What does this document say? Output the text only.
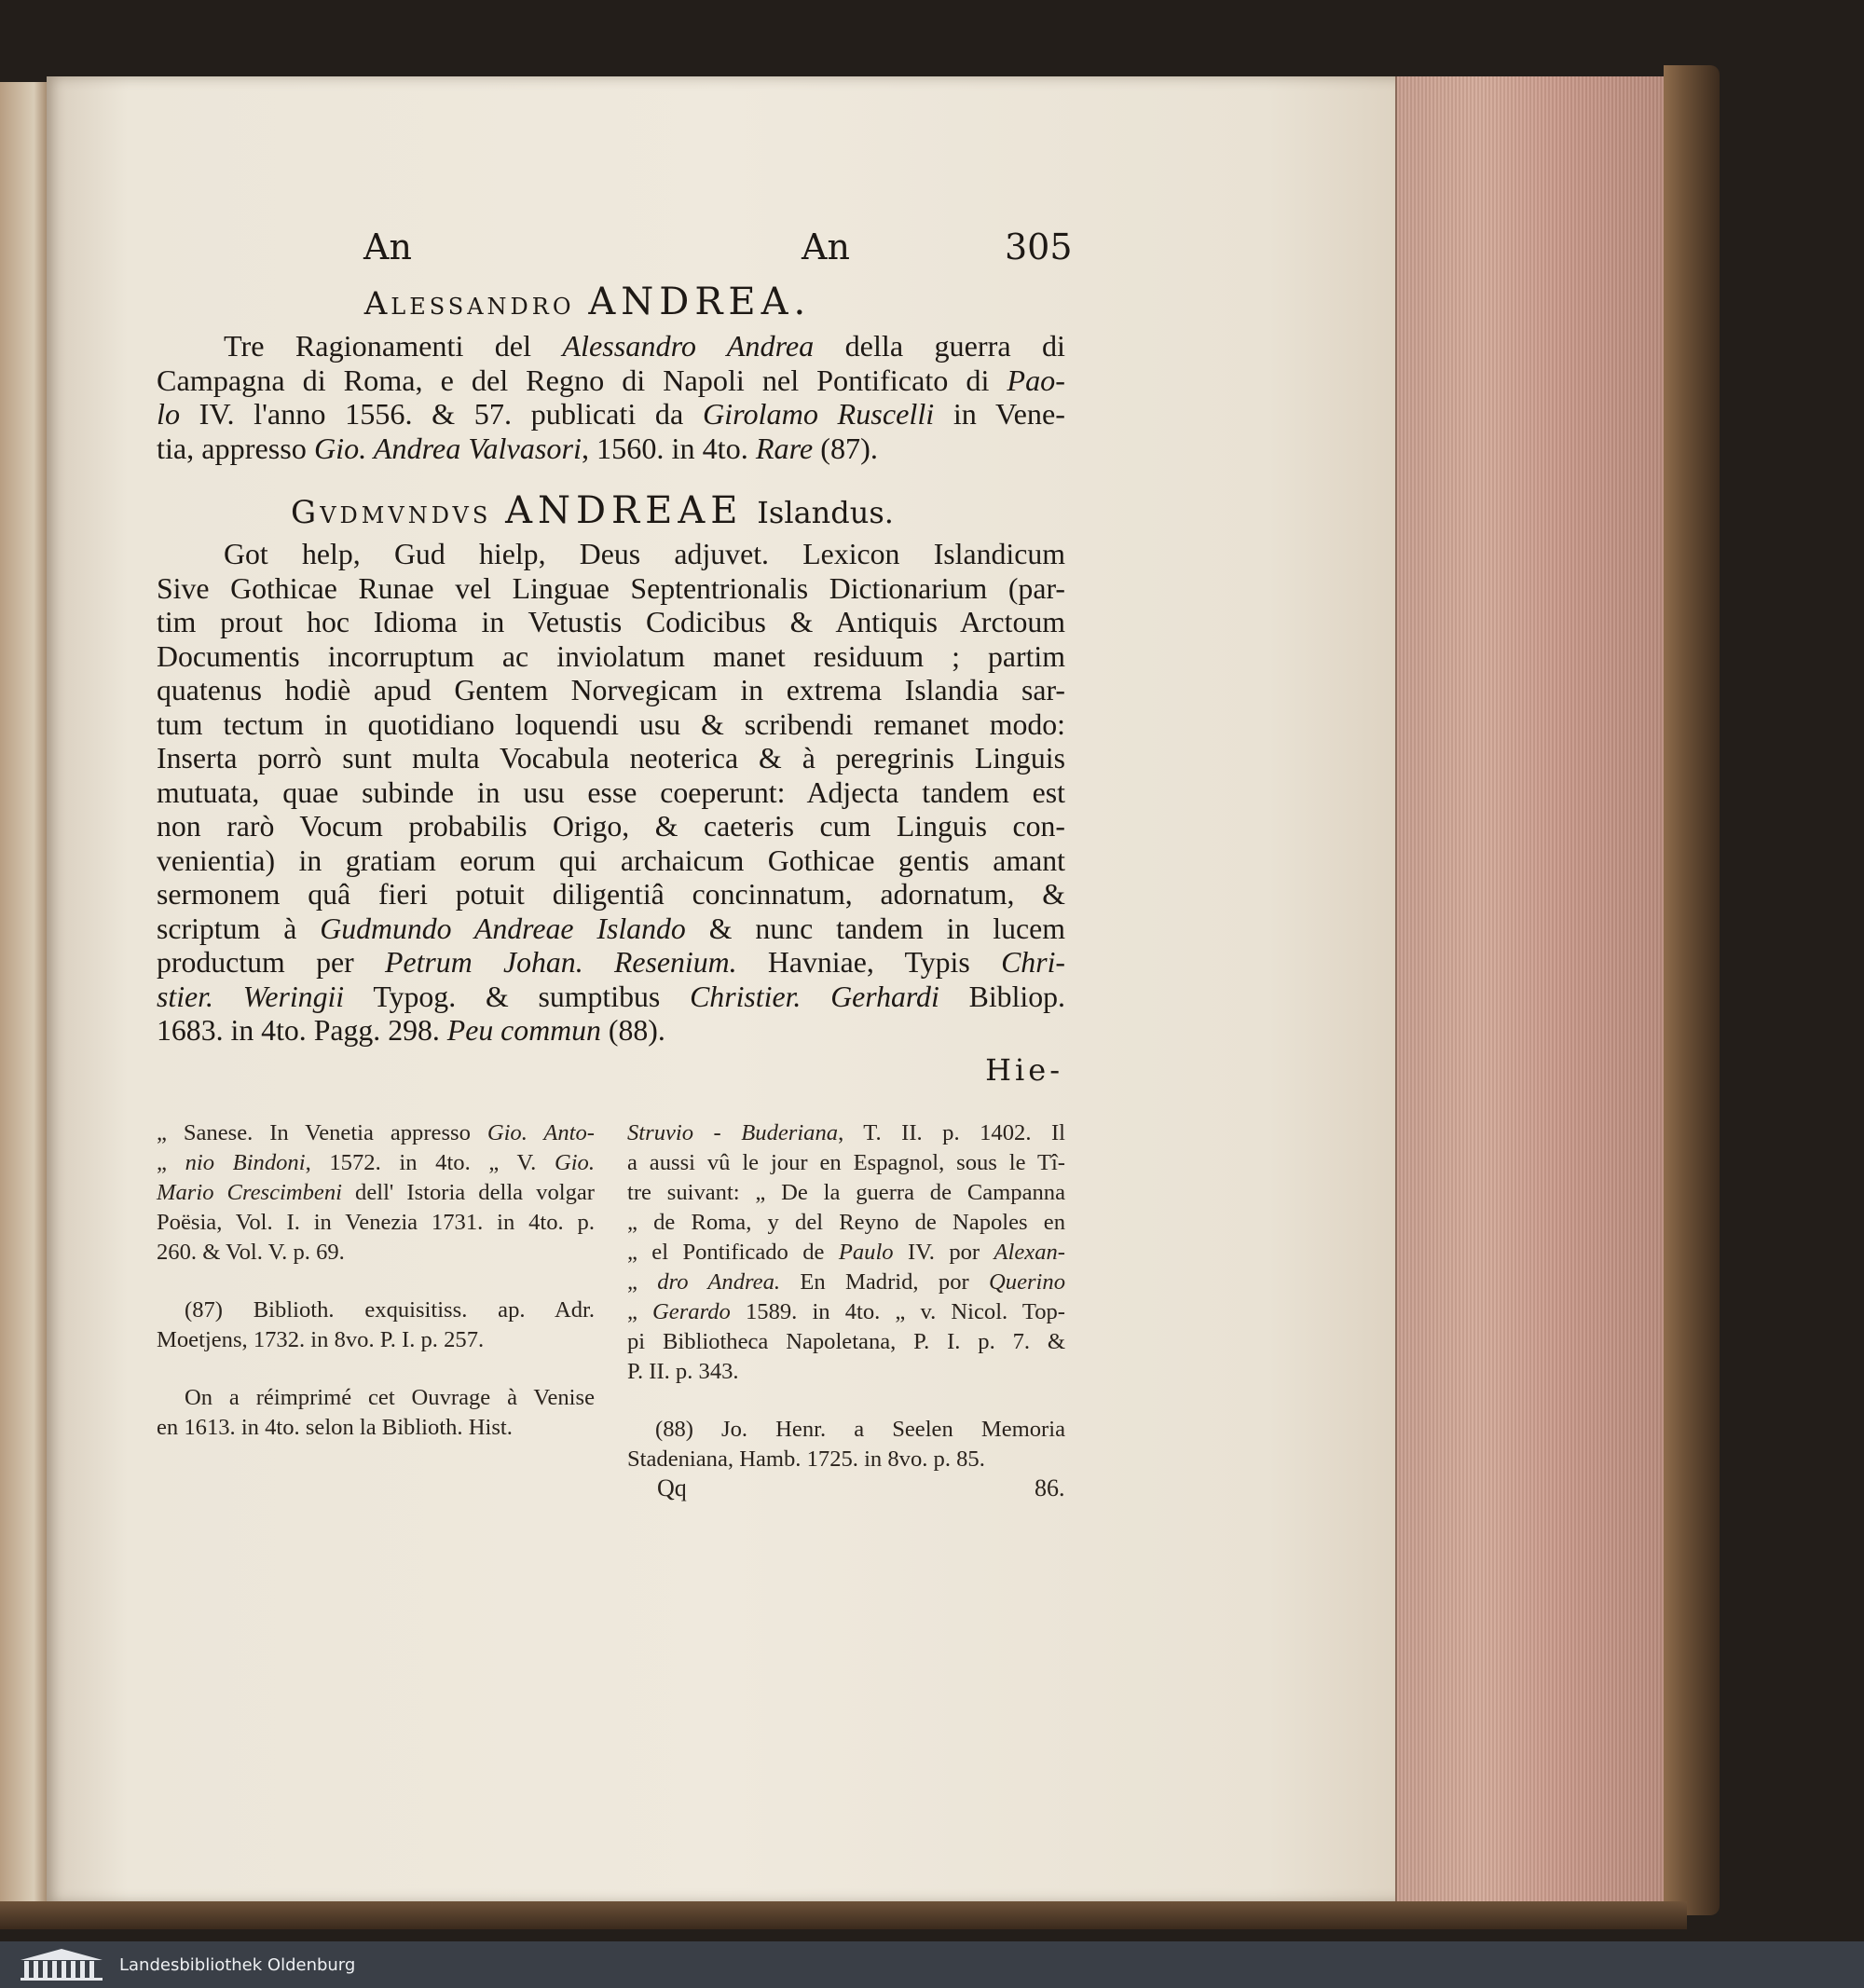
An	An	305
Alessandro ANDREA.

Tre Ragionamenti del Alessandro Andrea della guerra di
Campagna di Roma, e del Regno di Napoli nel Pontificato di Pao-
lo IV. l'anno 1556. & 57. publicati da Girolamo Ruscelli in Vene-
tia, appresso Gio. Andrea Valvasori, 1560. in 4to. Rare (87).

Gvdmvndvs ANDREAE Islandus.

Got help, Gud hielp, Deus adjuvet. Lexicon Islandicum
Sive Gothicae Runae vel Linguae Septentrionalis Dictionarium (par-
tim prout hoc Idioma in Vetustis Codicibus & Antiquis Arctoum
Documentis incorruptum ac inviolatum manet residuum ; partim
quatenus hodiè apud Gentem Norvegicam in extrema Islandia sar-
tum tectum in quotidiano loquendi usu & scribendi remanet modo:
Inserta porrò sunt multa Vocabula neoterica & à peregrinis Linguis
mutuata, quae subinde in usu esse coeperunt: Adjecta tandem est
non rarò Vocum probabilis Origo, & caeteris cum Linguis con-
venientia) in gratiam eorum qui archaicum Gothicae gentis amant
sermonem quâ fieri potuit diligentiâ concinnatum, adornatum, &
scriptum à Gudmundo Andreae Islando & nunc tandem in lucem
productum per Petrum Johan. Resenium. Havniae, Typis Chri-
stier. Weringii Typog. & sumptibus Christier. Gerhardi Bibliop.
1683. in 4to. Pagg. 298. Peu commun (88).

Hie-
„ Sanese. In Venetia appresso Gio. Anto-
„ nio Bindoni, 1572. in 4to. „ V. Gio.
Mario Crescimbeni dell' Istoria della volgar
Poësia, Vol. I. in Venezia 1731. in 4to. p.
260. & Vol. V. p. 69.
(87) Biblioth. exquisitiss. ap. Adr.
Moetjens, 1732. in 8vo. P. I. p. 257.
On a réimprimé cet Ouvrage à Venise
en 1613. in 4to. selon la Biblioth. Hist.
Struvio - Buderiana, T. II. p. 1402. Il
a aussi vû le jour en Espagnol, sous le Tî-
tre suivant: „ De la guerra de Campanna
„ de Roma, y del Reyno de Napoles en
„ el Pontificado de Paulo IV. por Alexan-
„ dro Andrea. En Madrid, por Querino
„ Gerardo 1589. in 4to. „ v. Nicol. Top-
pi Bibliotheca Napoletana, P. I. p. 7. &
P. II. p. 343.
(88) Jo. Henr. a Seelen Memoria
Stadeniana, Hamb. 1725. in 8vo. p. 85.
Qq	86.
Landesbibliothek Oldenburg
